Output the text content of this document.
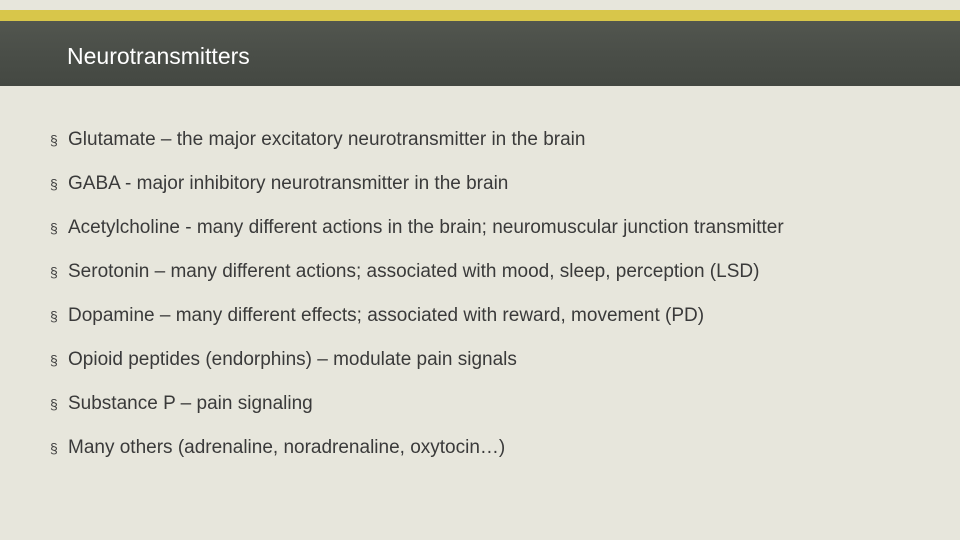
Neurotransmitters
§ Glutamate – the major excitatory neurotransmitter in the brain
§ GABA - major inhibitory neurotransmitter in the brain
§ Acetylcholine - many different actions in the brain; neuromuscular junction transmitter
§ Serotonin – many different actions; associated with mood, sleep, perception (LSD)
§ Dopamine – many different effects; associated with reward, movement (PD)
§ Opioid peptides (endorphins) – modulate pain signals
§ Substance P – pain signaling
§ Many others (adrenaline, noradrenaline, oxytocin…)
